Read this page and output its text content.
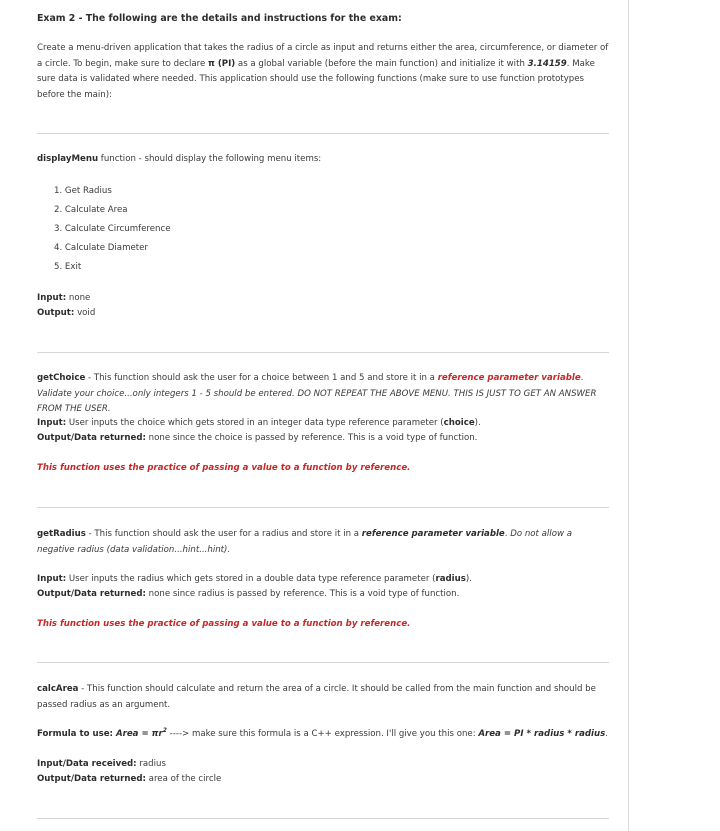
Exam 2 - The following are the details and instructions for the exam:
Create a menu-driven application that takes the radius of a circle as input and returns either the area, circumference, or diameter of a circle. To begin, make sure to declare π (PI) as a global variable (before the main function) and initialize it with 3.14159. Make sure data is validated where needed. This application should use the following functions (make sure to use function prototypes before the main):
displayMenu function - should display the following menu items:
1. Get Radius
2. Calculate Area
3. Calculate Circumference
4. Calculate Diameter
5. Exit
Input: none
Output: void
getChoice - This function should ask the user for a choice between 1 and 5 and store it in a reference parameter variable. Validate your choice...only integers 1 - 5 should be entered. DO NOT REPEAT THE ABOVE MENU. THIS IS JUST TO GET AN ANSWER FROM THE USER.
Input: User inputs the choice which gets stored in an integer data type reference parameter (choice).
Output/Data returned: none since the choice is passed by reference. This is a void type of function.
This function uses the practice of passing a value to a function by reference.
getRadius - This function should ask the user for a radius and store it in a reference parameter variable. Do not allow a negative radius (data validation...hint...hint).
Input: User inputs the radius which gets stored in a double data type reference parameter (radius).
Output/Data returned: none since radius is passed by reference. This is a void type of function.
This function uses the practice of passing a value to a function by reference.
calcArea - This function should calculate and return the area of a circle. It should be called from the main function and should be passed radius as an argument.
Formula to use: Area = $\pi r^2$ ----> make sure this formula is a C++ expression. I'll give you this one: Area = PI * radius * radius.
Input/Data received: radius
Output/Data returned: area of the circle
